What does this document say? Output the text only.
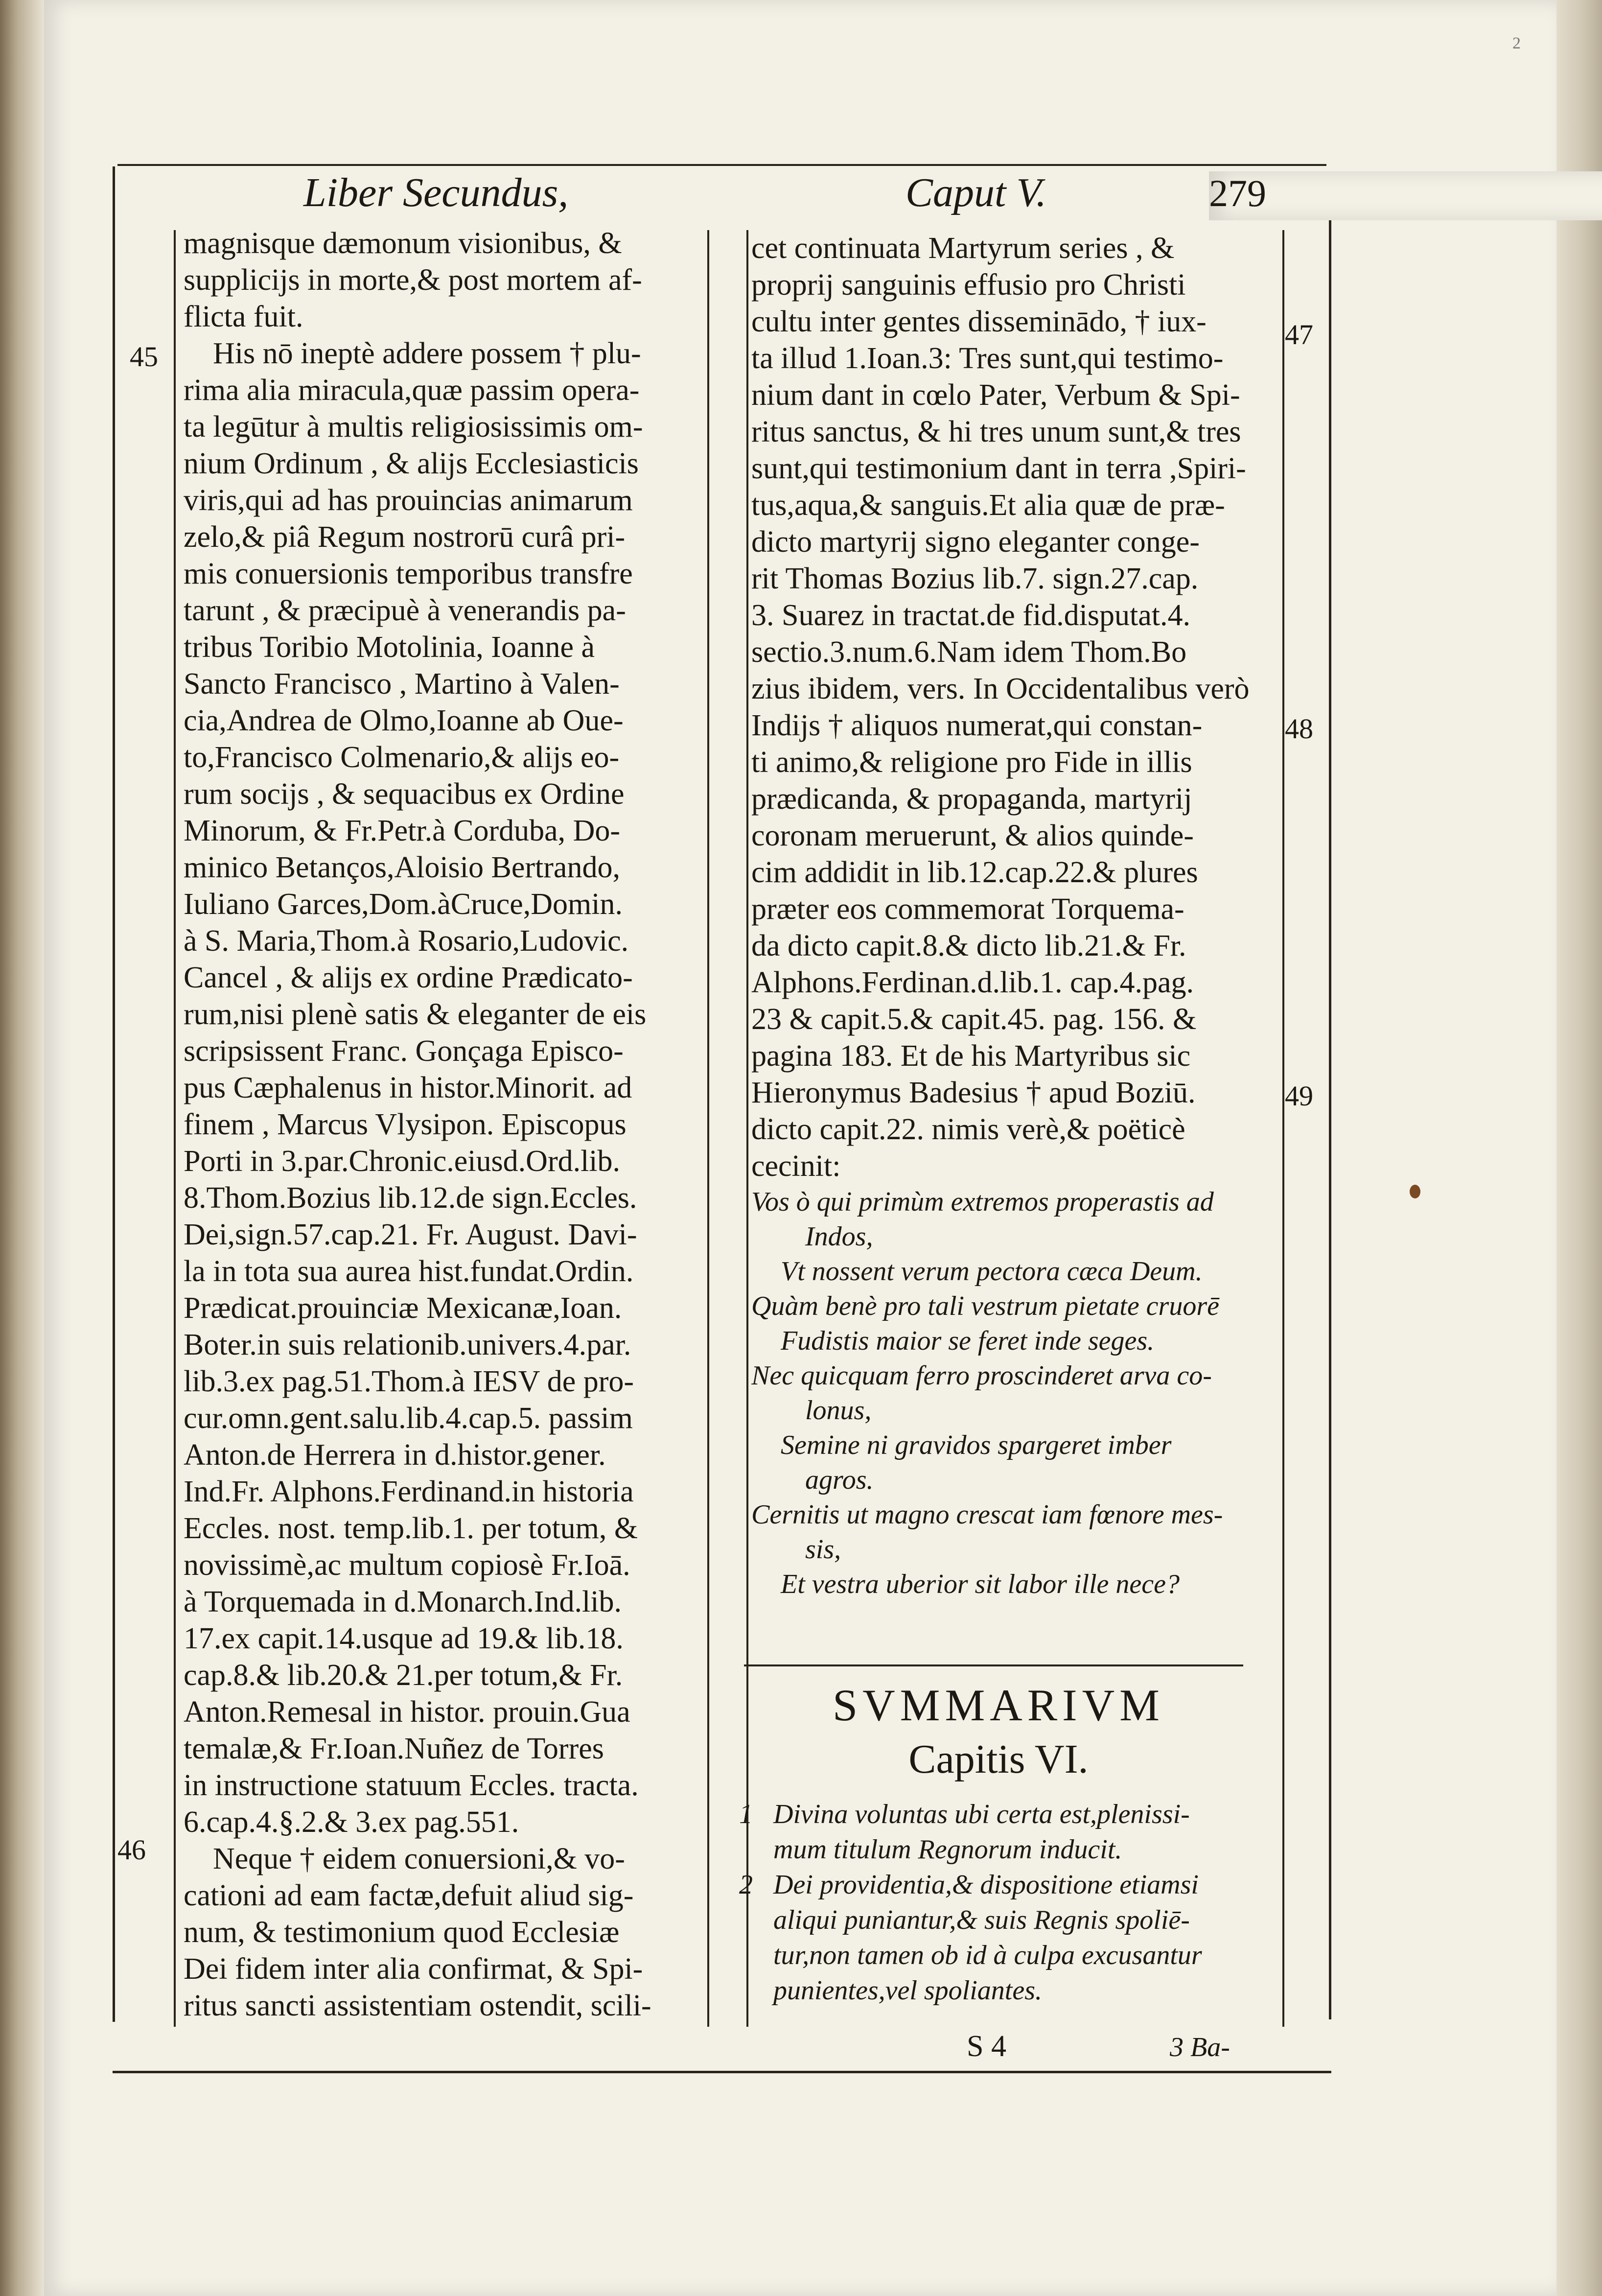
2
Liber Secundus,	Caput V.	279
magnisque dæmonum visionibus, &
supplicijs in morte,& post mortem af-
flicta fuit.
His nō ineptè addere possem † plu-
rima alia miracula,quæ passim opera-
ta legūtur à multis religiosissimis om-
nium Ordinum , & alijs Ecclesiasticis
viris,qui ad has prouincias animarum
zelo,& piâ Regum nostrorū curâ pri-
mis conuersionis temporibus transfre
tarunt , & præcipuè à venerandis pa-
tribus Toribio Motolinia, Ioanne à
Sancto Francisco , Martino à Valen-
cia,Andrea de Olmo,Ioanne ab Oue-
to,Francisco Colmenario,& alijs eo-
rum socijs , & sequacibus ex Ordine
Minorum, & Fr.Petr.à Corduba, Do-
minico Betanços,Aloisio Bertrando,
Iuliano Garces,Dom.àCruce,Domin.
à S. Maria,Thom.à Rosario,Ludovic.
Cancel , & alijs ex ordine Prædicato-
rum,nisi plenè satis & eleganter de eis
scripsissent Franc. Gonçaga Episco-
pus Cæphalenus in histor.Minorit. ad
finem , Marcus Vlysipon. Episcopus
Porti in 3.par.Chronic.eiusd.Ord.lib.
8.Thom.Bozius lib.12.de sign.Eccles.
Dei,sign.57.cap.21. Fr. August. Davi-
la in tota sua aurea hist.fundat.Ordin.
Prædicat.prouinciæ Mexicanæ,Ioan.
Boter.in suis relationib.univers.4.par.
lib.3.ex pag.51.Thom.à IESV de pro-
cur.omn.gent.salu.lib.4.cap.5. passim
Anton.de Herrera in d.histor.gener.
Ind.Fr. Alphons.Ferdinand.in historia
Eccles. nost. temp.lib.1. per totum, &
novissimè,ac multum copiosè Fr.Ioā.
à Torquemada in d.Monarch.Ind.lib.
17.ex capit.14.usque ad 19.& lib.18.
cap.8.& lib.20.& 21.per totum,& Fr.
Anton.Remesal in histor. prouin.Gua
temalæ,& Fr.Ioan.Nuñez de Torres
in instructione statuum Eccles. tracta.
6.cap.4.§.2.& 3.ex pag.551.
Neque † eidem conuersioni,& vo-
cationi ad eam factæ,defuit aliud sig-
num, & testimonium quod Ecclesiæ
Dei fidem inter alia confirmat, & Spi-
ritus sancti assistentiam ostendit, scili-
cet continuata Martyrum series , &
proprij sanguinis effusio pro Christi
cultu inter gentes disseminādo, † iux-
ta illud 1.Ioan.3: Tres sunt,qui testimo-
nium dant in cœlo Pater, Verbum & Spi-
ritus sanctus, & hi tres unum sunt,& tres
sunt,qui testimonium dant in terra ,Spiri-
tus,aqua,& sanguis.Et alia quæ de præ-
dicto martyrij signo eleganter conge-
rit Thomas Bozius lib.7. sign.27.cap.
3. Suarez in tractat.de fid.disputat.4.
sectio.3.num.6.Nam idem Thom.Bo
zius ibidem, vers. In Occidentalibus verò
Indijs † aliquos numerat,qui constan-
ti animo,& religione pro Fide in illis
prædicanda, & propaganda, martyrij
coronam meruerunt, & alios quinde-
cim addidit in lib.12.cap.22.& plures
præter eos commemorat Torquema-
da dicto capit.8.& dicto lib.21.& Fr.
Alphons.Ferdinan.d.lib.1. cap.4.pag.
23 & capit.5.& capit.45. pag. 156. &
pagina 183. Et de his Martyribus sic
Hieronymus Badesius † apud Boziū.
dicto capit.22. nimis verè,& poëticè
cecinit:
Vos ò qui primùm extremos properastis ad
Indos,
Vt nossent verum pectora cæca Deum.
Quàm benè pro tali vestrum pietate cruorē
Fudistis maior se feret inde seges.
Nec quicquam ferro proscinderet arva co-
lonus,
Semine ni gravidos spargeret imber
agros.
Cernitis ut magno crescat iam fœnore mes-
sis,
Et vestra uberior sit labor ille nece?
45
46
47
48
49
SVMMARIVM
Capitis VI.
1 Divina voluntas ubi certa est,plenissi-
mum titulum Regnorum inducit.
2 Dei providentia,& dispositione etiamsi
aliqui puniantur,& suis Regnis spoliē-
tur,non tamen ob id à culpa excusantur
punientes,vel spoliantes.
S 4	3 Ba-
